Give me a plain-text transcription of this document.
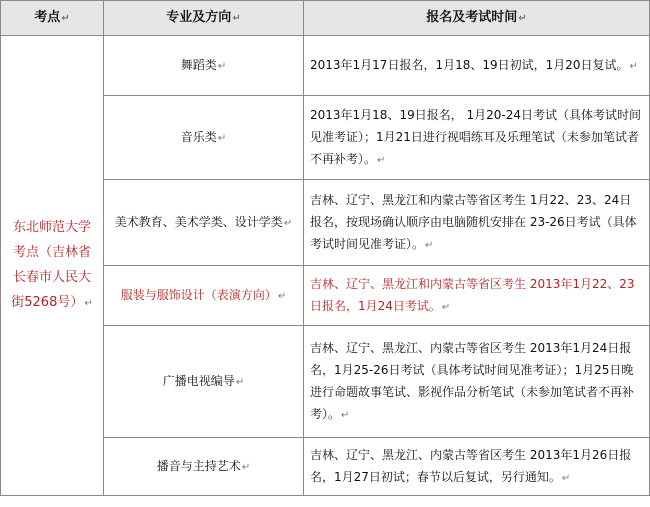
考点↵	专业及方向↵	报名及考试时间↵
东北师范大学考点（吉林省长春市人民大街5268号）↵	舞蹈类↵	2013年1月17日报名，1月18、19日初试，1月20日复试。↵
	音乐类↵	2013年1月18、19日报名， 1月20-24日考试（具体考试时间见准考证）；1月21日进行视唱练耳及乐理笔试（未参加笔试者不再补考）。↵
	美术教育、美术学类、设计学类↵	吉林、辽宁、黑龙江和内蒙古等省区考生 1月22、23、24日报名，按现场确认顺序由电脑随机安排在 23-26日考试（具体考试时间见准考证）。↵
	服装与服饰设计（表演方向）↵	吉林、辽宁、黑龙江和内蒙古等省区考生 2013年1月22、23日报名，1月24日考试。↵
	广播电视编导↵	吉林、辽宁、黑龙江、内蒙古等省区考生 2013年1月24日报名，1月25-26日考试（具体考试时间见准考证）；1月25日晚进行命题故事笔试、影视作品分析笔试（未参加笔试者不再补考）。↵
	播音与主持艺术↵	吉林、辽宁、黑龙江、内蒙古等省区考生 2013年1月26日报名，1月27日初试；春节以后复试，另行通知。↵
